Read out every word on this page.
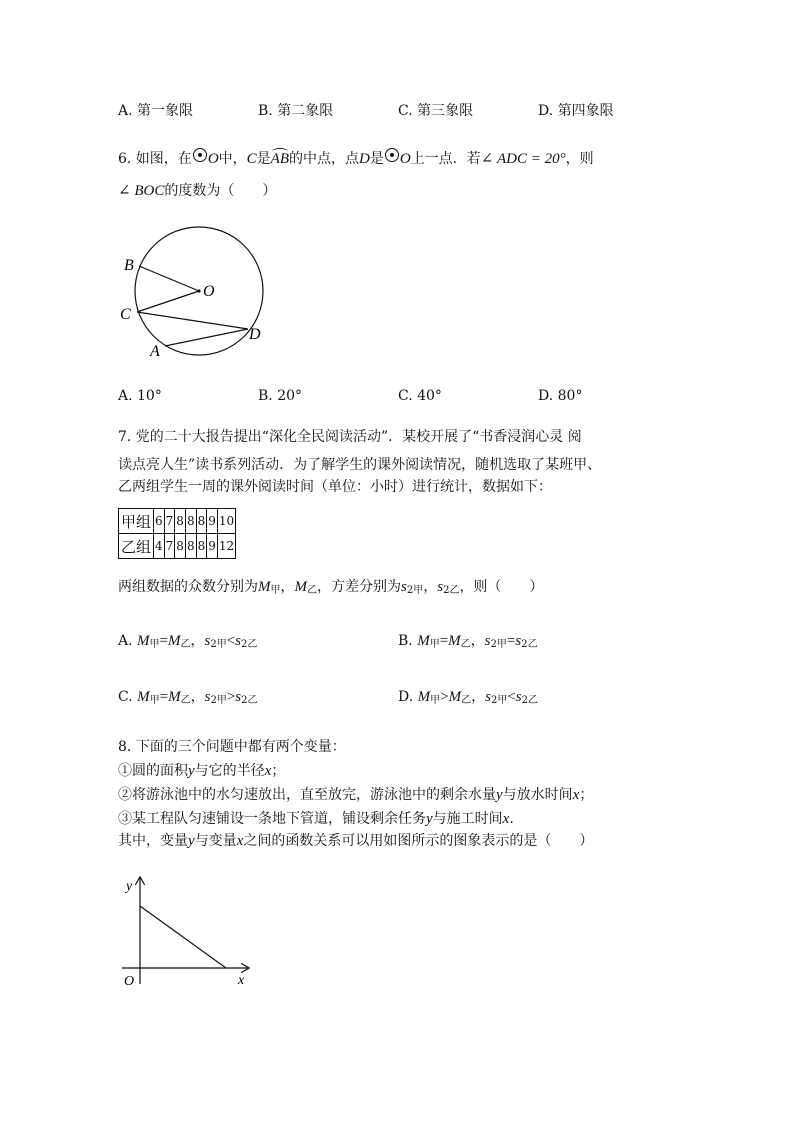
A. 第一象限	B. 第二象限	C. 第三象限	D. 第四象限
6. 如图，在 O中，C是AB的中点，点D是 O上一点．若∠ ADC = 20°，则
∠ BOC的度数为（　　）
B
O
C
D
A
A. 10°	B. 20°	C. 40°	D. 80°
7. 党的二十大报告提出“深化全民阅读活动”．某校开展了“书香浸润心灵 阅
读点亮人生”读书系列活动．为了解学生的课外阅读情况，随机选取了某班甲、
乙两组学生一周的课外阅读时间（单位：小时）进行统计，数据如下：
甲组	6	7	8	8	8	9	10
乙组	4	7	8	8	8	9	12
两组数据的众数分别为$M_甲$，$M_乙$，方差分别为$s^2_甲$，$s^2_乙$，则（　　）
A. $M_甲=M_乙$，$s^2_甲<s^2_乙$	B. $M_甲=M_乙$，$s^2_甲=s^2_乙$
C. $M_甲=M_乙$，$s^2_甲>s^2_乙$	D. $M_甲>M_乙$，$s^2_甲<s^2_乙$
8. 下面的三个问题中都有两个变量：
①圆的面积y与它的半径x；
②将游泳池中的水匀速放出，直至放完，游泳池中的剩余水量y与放水时间x；
③某工程队匀速铺设一条地下管道，铺设剩余任务y与施工时间x.
其中，变量y与变量x之间的函数关系可以用如图所示的图象表示的是（　　）
y
x
O
